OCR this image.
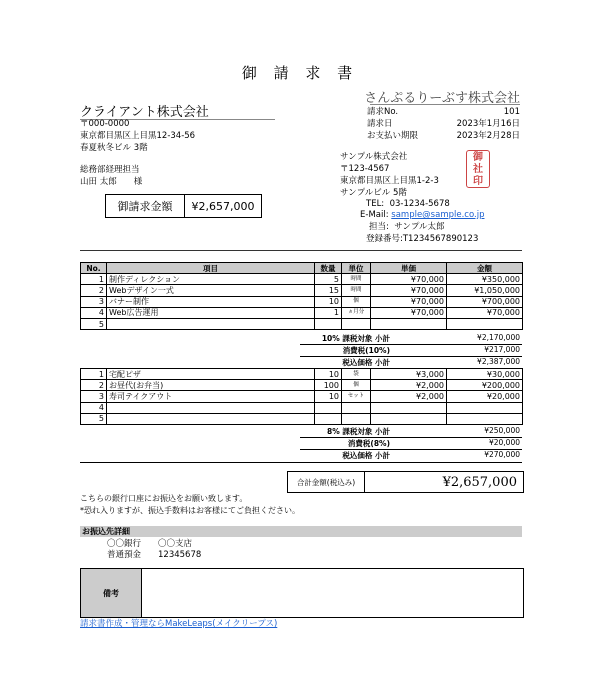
御 請 求 書
さんぷるりーぶす株式会社
クライアント株式会社
〒000-0000
東京都目黒区上目黒12-34-56
春夏秋冬ビル 3階
総務部経理担当
山田 太郎　　様
請求No.	101
請求日	2023年1月16日
お支払い期限	2023年2月28日
御請求金額	¥2,657,000
サンプル株式会社
〒123-4567
東京都目黒区上目黒1-2-3
サンプルビル 5階
TEL:  03-1234-5678
E-Mail: sample@sample.co.jp
担当:  サンプル太郎
登録番号:T1234567890123
御
社
印
No.	項目	数量	単位	単価	金額
1	制作ディレクション	5	時間	¥70,000	¥350,000
2	Webデザイン一式	15	時間	¥70,000	¥1,050,000
3	バナー制作	10	個	¥70,000	¥700,000
4	Web広告運用	1	ヵ月分	¥70,000	¥70,000
5					
10% 課税対象 小計	¥2,170,000
消費税(10%)	¥217,000
税込価格 小計	¥2,387,000
1	宅配ピザ	10	袋	¥3,000	¥30,000
2	お昼代(お弁当)	100	個	¥2,000	¥200,000
3	寿司テイクアウト	10	セット	¥2,000	¥20,000
4					
5					
8% 課税対象 小計	¥250,000
消費税(8%)	¥20,000
税込価格 小計	¥270,000
合計金額(税込み)	¥2,657,000
こちらの銀行口座にお振込をお願い致します。
*恐れ入りますが、振込手数料はお客様にてご負担ください。
お振込先詳細
〇〇銀行 〇〇支店
普通預金 12345678
備考
請求書作成・管理ならMakeLeaps(メイクリープス)
